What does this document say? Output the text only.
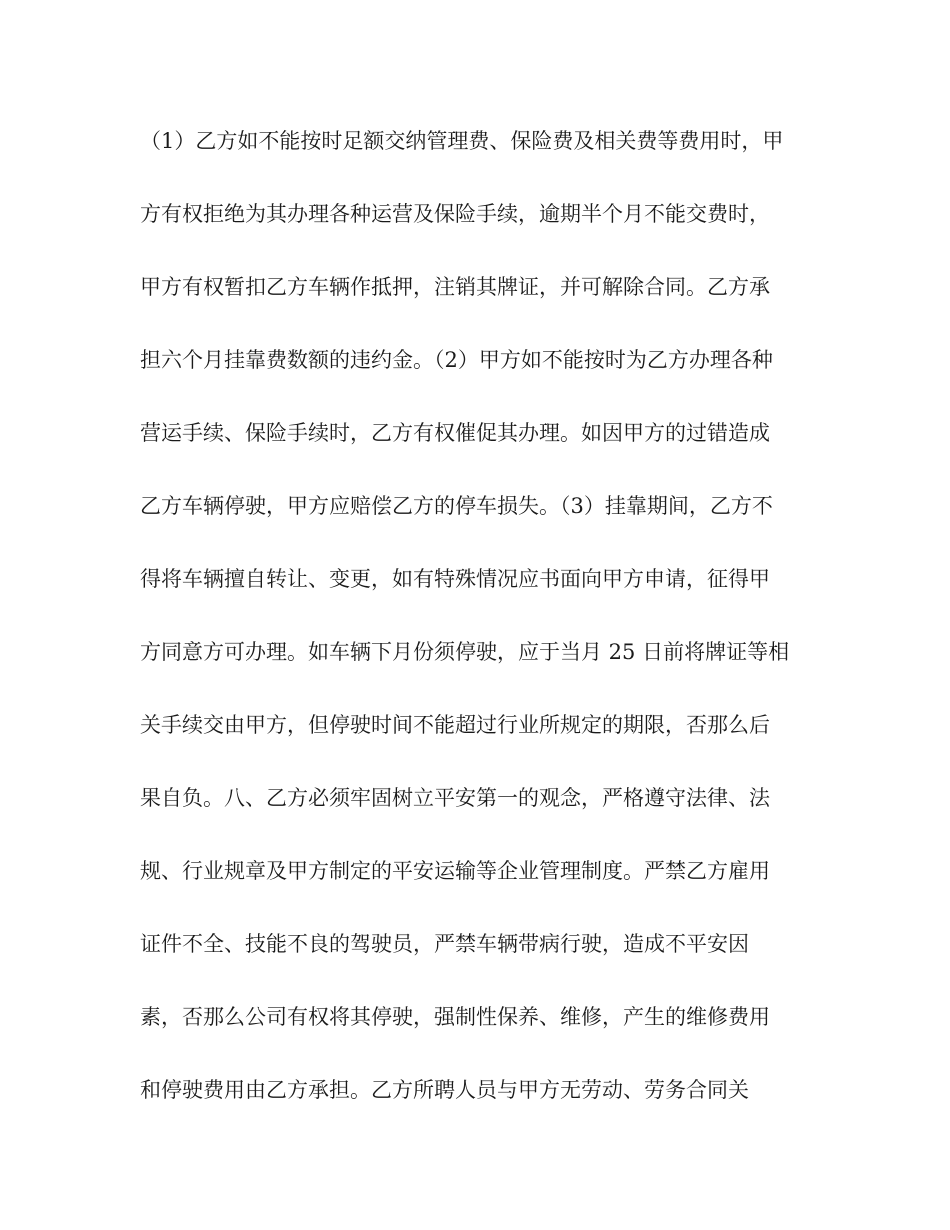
（1）乙方如不能按时足额交纳管理费、保险费及相关费等费用时，甲
方有权拒绝为其办理各种运营及保险手续，逾期半个月不能交费时，
甲方有权暂扣乙方车辆作抵押，注销其牌证，并可解除合同。乙方承
担六个月挂靠费数额的违约金。（2）甲方如不能按时为乙方办理各种
营运手续、保险手续时，乙方有权催促其办理。如因甲方的过错造成
乙方车辆停驶，甲方应赔偿乙方的停车损失。（3）挂靠期间，乙方不
得将车辆擅自转让、变更，如有特殊情况应书面向甲方申请，征得甲
方同意方可办理。如车辆下月份须停驶，应于当月 25 日前将牌证等相
关手续交由甲方，但停驶时间不能超过行业所规定的期限，否那么后
果自负。八、乙方必须牢固树立平安第一的观念，严格遵守法律、法
规、行业规章及甲方制定的平安运输等企业管理制度。严禁乙方雇用
证件不全、技能不良的驾驶员，严禁车辆带病行驶，造成不平安因
素，否那么公司有权将其停驶，强制性保养、维修，产生的维修费用
和停驶费用由乙方承担。乙方所聘人员与甲方无劳动、劳务合同关
